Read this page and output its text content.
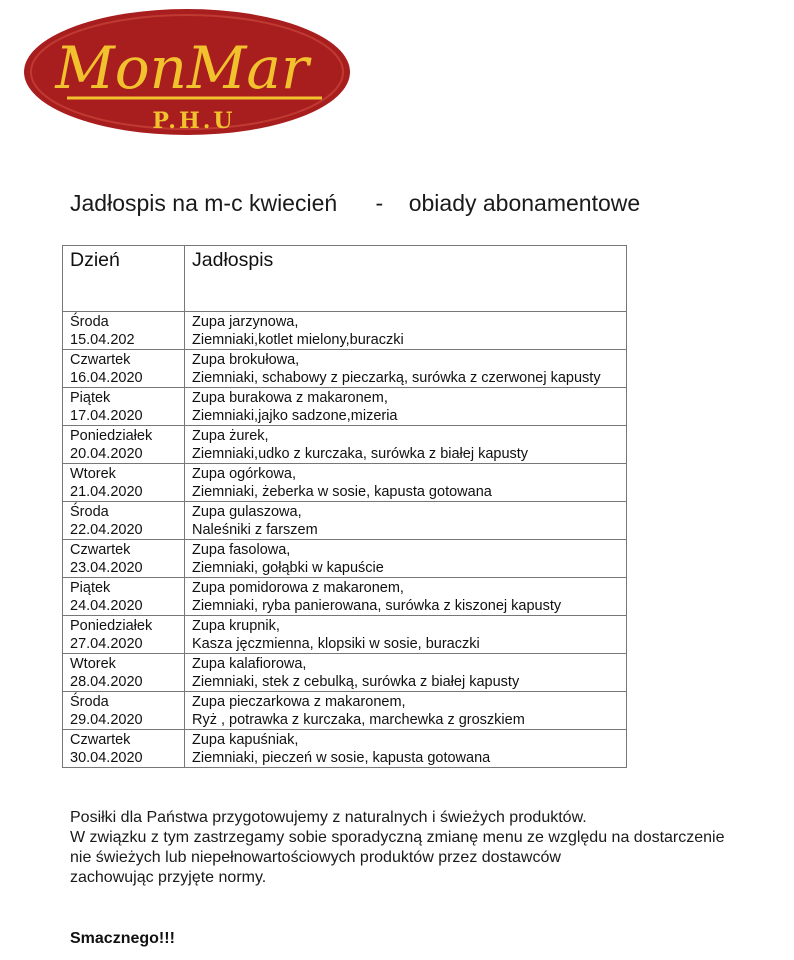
MonMar
P.H.U
Jadłospis na m-c kwiecień      -    obiady abonamentowe
Dzień	Jadłospis

Środa
15.04.202	Zupa jarzynowa,
Ziemniaki,kotlet mielony,buraczki

Czwartek
16.04.2020	Zupa brokułowa,
Ziemniaki, schabowy z pieczarką, surówka z czerwonej kapusty

Piątek
17.04.2020	Zupa burakowa z makaronem,
Ziemniaki,jajko sadzone,mizeria

Poniedziałek
20.04.2020	Zupa żurek,
Ziemniaki,udko z kurczaka, surówka z białej kapusty

Wtorek
21.04.2020	Zupa ogórkowa,
Ziemniaki, żeberka w sosie, kapusta gotowana

Środa
22.04.2020	Zupa gulaszowa,
Naleśniki z farszem

Czwartek
23.04.2020	Zupa fasolowa,
Ziemniaki, gołąbki w kapuście

Piątek
24.04.2020	Zupa pomidorowa z makaronem,
Ziemniaki, ryba panierowana, surówka z kiszonej kapusty

Poniedziałek
27.04.2020	Zupa krupnik,
Kasza jęczmienna, klopsiki w sosie, buraczki

Wtorek
28.04.2020	Zupa kalafiorowa,
Ziemniaki, stek z cebulką, surówka z białej kapusty

Środa
29.04.2020	Zupa pieczarkowa z makaronem,
Ryż , potrawka z kurczaka, marchewka z groszkiem

Czwartek
30.04.2020	Zupa kapuśniak,
Ziemniaki, pieczeń w sosie, kapusta gotowana
Posiłki dla Państwa przygotowujemy z naturalnych i świeżych produktów.
W związku z tym zastrzegamy sobie sporadyczną zmianę menu ze względu na dostarczenie nie świeżych lub niepełnowartościowych produktów przez dostawców
zachowując przyjęte normy.
Smacznego!!!
